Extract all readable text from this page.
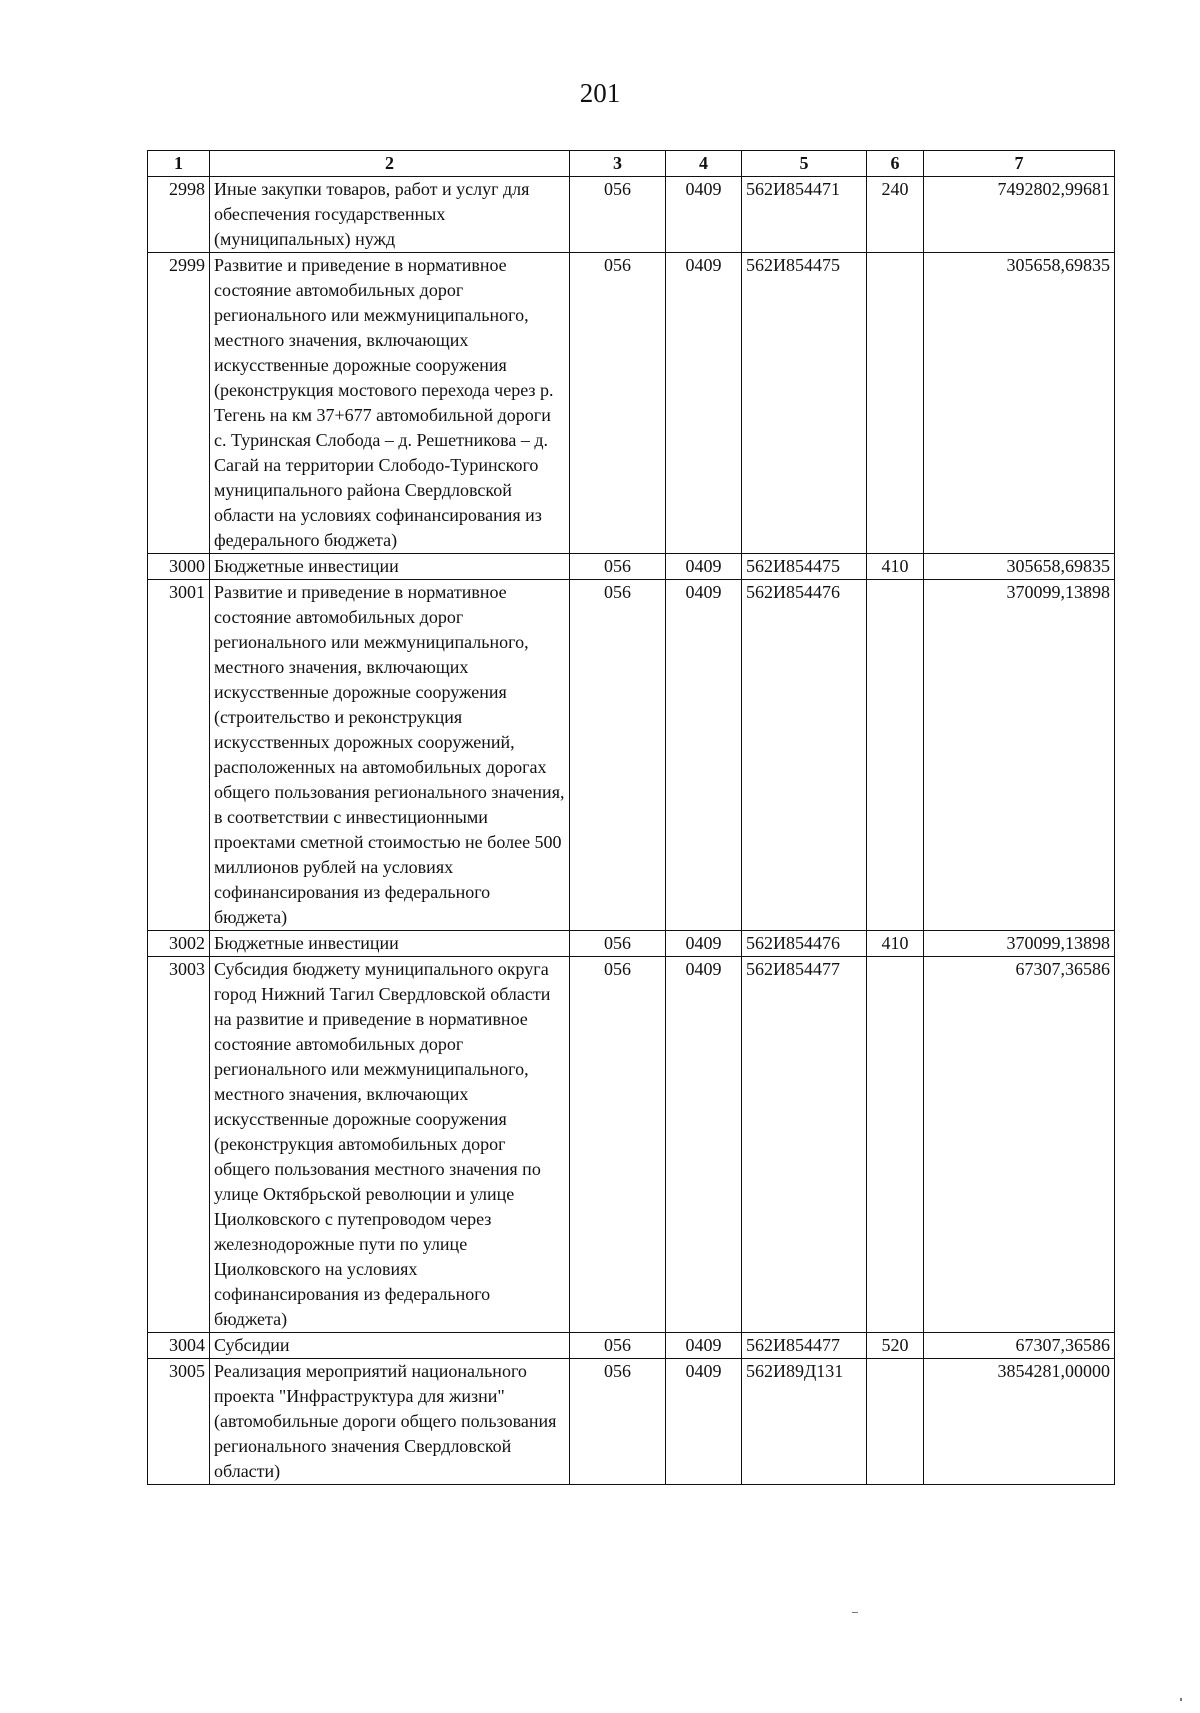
201
1	2	3	4	5	6	7
2998	Иные закупки товаров, работ и услуг для обеспечения государственных (муниципальных) нужд	056	0409	562И854471	240	7492802,99681
2999	Развитие и приведение в нормативное состояние автомобильных дорог регионального или межмуниципального, местного значения, включающих искусственные дорожные сооружения (реконструкция мостового перехода через р. Тегень на км 37+677 автомобильной дороги с. Туринская Слобода – д. Решетникова – д. Сагай на территории Слободо-Туринского муниципального района Свердловской области на условиях софинансирования из федерального бюджета)	056	0409	562И854475		305658,69835
3000	Бюджетные инвестиции	056	0409	562И854475	410	305658,69835
3001	Развитие и приведение в нормативное состояние автомобильных дорог регионального или межмуниципального, местного значения, включающих искусственные дорожные сооружения (строительство и реконструкция искусственных дорожных сооружений, расположенных на автомобильных дорогах общего пользования регионального значения, в соответствии с инвестиционными проектами сметной стоимостью не более 500 миллионов рублей на условиях софинансирования из федерального бюджета)	056	0409	562И854476		370099,13898
3002	Бюджетные инвестиции	056	0409	562И854476	410	370099,13898
3003	Субсидия бюджету муниципального округа город Нижний Тагил Свердловской области на развитие и приведение в нормативное состояние автомобильных дорог регионального или межмуниципального, местного значения, включающих искусственные дорожные сооружения (реконструкция автомобильных дорог общего пользования местного значения по улице Октябрьской революции и улице Циолковского с путепроводом через железнодорожные пути по улице Циолковского на условиях софинансирования из федерального бюджета)	056	0409	562И854477		67307,36586
3004	Субсидии	056	0409	562И854477	520	67307,36586
3005	Реализация мероприятий национального проекта "Инфраструктура для жизни" (автомобильные дороги общего пользования регионального значения Свердловской области)	056	0409	562И89Д131		3854281,00000
